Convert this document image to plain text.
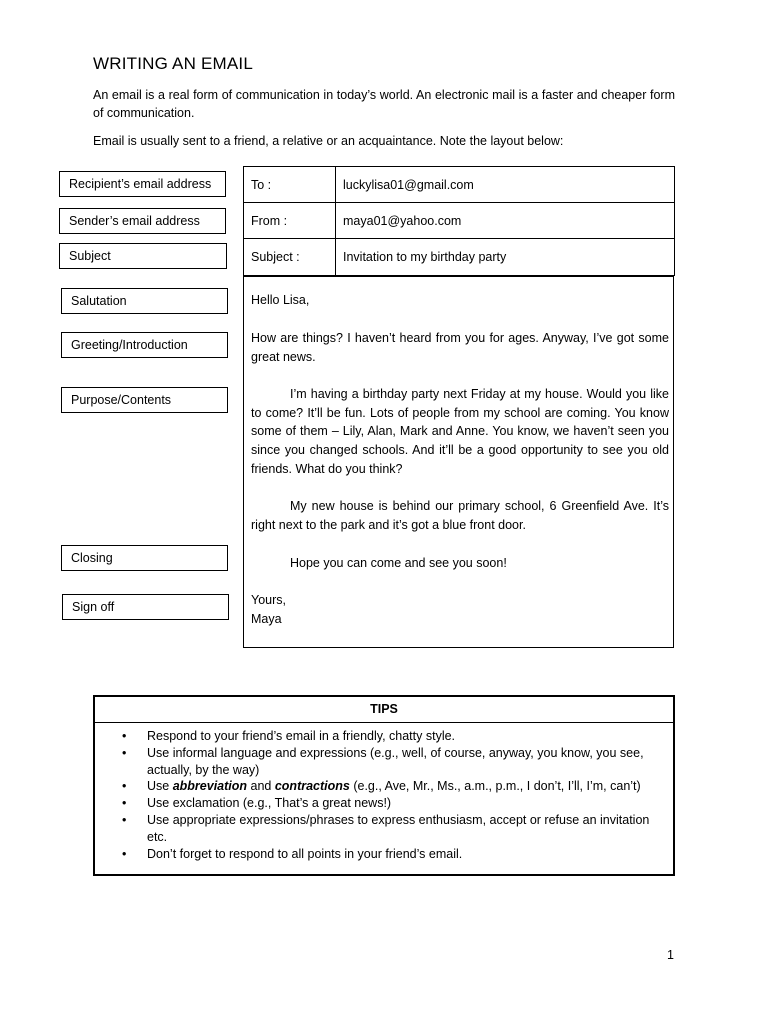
WRITING AN EMAIL
An email is a real form of communication in today’s world. An electronic mail is a faster and cheaper form of communication.
Email is usually sent to a friend, a relative or an acquaintance. Note the layout below:
Recipient’s email address
Sender’s email address
Subject
Salutation
Greeting/Introduction
Purpose/Contents
Closing
Sign off
To :	luckylisa01@gmail.com
From :	maya01@yahoo.com
Subject :	Invitation to my birthday party
Hello Lisa,
How are things? I haven’t heard from you for ages. Anyway, I’ve got some great news.
I’m having a birthday party next Friday at my house. Would you like to come? It’ll be fun. Lots of people from my school are coming. You know some of them – Lily, Alan, Mark and Anne. You know, we haven’t seen you since you changed schools. And it’ll be a good opportunity to see you old friends. What do you think?
My new house is behind our primary school, 6 Greenfield Ave. It’s right next to the park and it’s got a blue front door.
Hope you can come and see you soon!
Yours,
Maya
TIPS
• Respond to your friend’s email in a friendly, chatty style.
• Use informal language and expressions (e.g., well, of course, anyway, you know, you see, actually, by the way)
• Use abbreviation and contractions (e.g., Ave, Mr., Ms., a.m., p.m., I don’t, I’ll, I’m, can’t)
• Use exclamation (e.g., That’s a great news!)
• Use appropriate expressions/phrases to express enthusiasm, accept or refuse an invitation etc.
• Don’t forget to respond to all points in your friend’s email.
1
